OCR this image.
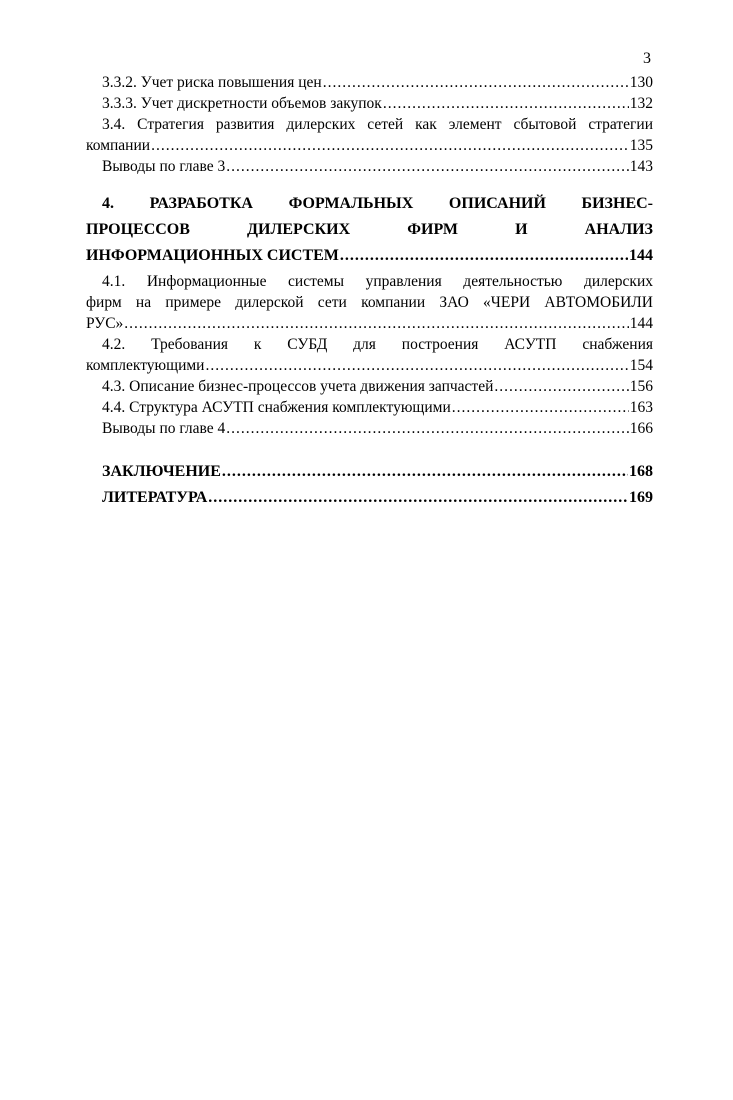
3
3.3.2. Учет риска повышения цен .....	130
3.3.3. Учет дискретности объемов закупок .....	132
3.4. Стратегия развития дилерских сетей как элемент сбытовой стратегии
компании .....	135
Выводы по главе 3 .....	143
4. РАЗРАБОТКА ФОРМАЛЬНЫХ ОПИСАНИЙ БИЗНЕС-
ПРОЦЕССОВ ДИЛЕРСКИХ ФИРМ И АНАЛИЗ
ИНФОРМАЦИОННЫХ СИСТЕМ .....	144
4.1. Информационные системы управления деятельностью дилерских
фирм на примере дилерской сети компании ЗАО «ЧЕРИ АВТОМОБИЛИ
РУС» .....	144
4.2. Требования к СУБД для построения АСУТП снабжения
комплектующими .....	154
4.3. Описание бизнес-процессов учета движения запчастей .....	156
4.4. Структура АСУТП снабжения комплектующими .....	163
Выводы по главе 4 .....	166
ЗАКЛЮЧЕНИЕ .....	168
ЛИТЕРАТУРА .....	169
